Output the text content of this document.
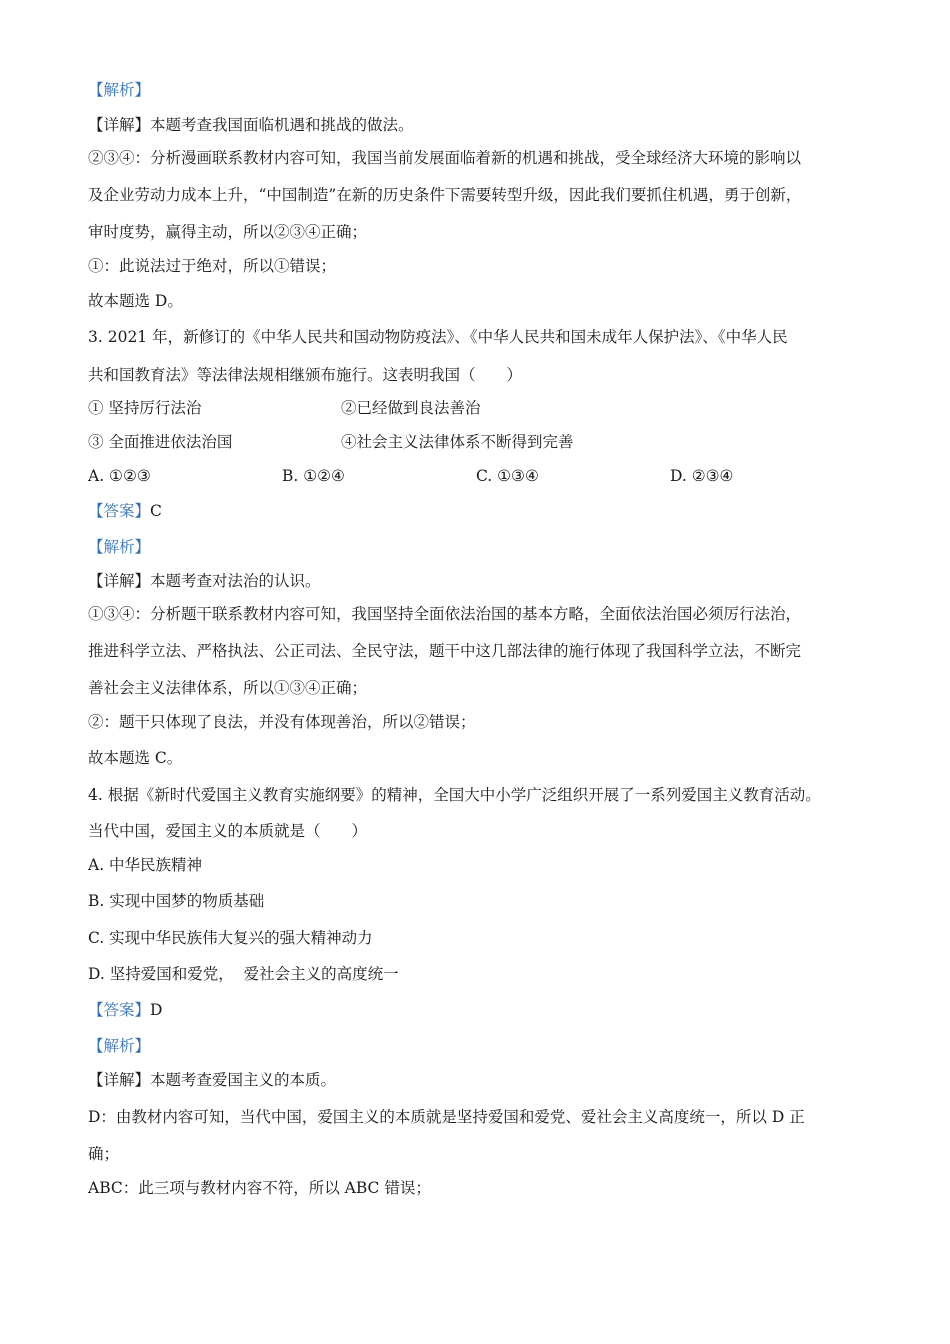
【解析】
【详解】本题考查我国面临机遇和挑战的做法。
②③④：分析漫画联系教材内容可知，我国当前发展面临着新的机遇和挑战，受全球经济大环境的影响以
及企业劳动力成本上升，“中国制造”在新的历史条件下需要转型升级，因此我们要抓住机遇，勇于创新，
审时度势，赢得主动，所以②③④正确；
①：此说法过于绝对，所以①错误；
故本题选 D。
3. 2021 年，新修订的《中华人民共和国动物防疫法》、《中华人民共和国未成年人保护法》、《中华人民
共和国教育法》等法律法规相继颁布施行。这表明我国（　　）
① 坚持厉行法治	②已经做到良法善治
③ 全面推进依法治国	④社会主义法律体系不断得到完善
A. ①②③	B. ①②④	C. ①③④	D. ②③④
【答案】C
【解析】
【详解】本题考查对法治的认识。
①③④：分析题干联系教材内容可知，我国坚持全面依法治国的基本方略，全面依法治国必须厉行法治，
推进科学立法、严格执法、公正司法、全民守法，题干中这几部法律的施行体现了我国科学立法，不断完
善社会主义法律体系，所以①③④正确；
②：题干只体现了良法，并没有体现善治，所以②错误；
故本题选 C。
4. 根据《新时代爱国主义教育实施纲要》的精神，全国大中小学广泛组织开展了一系列爱国主义教育活动。
当代中国，爱国主义的本质就是（　　）
A. 中华民族精神
B. 实现中国梦的物质基础
C. 实现中华民族伟大复兴的强大精神动力
D. 坚持爱国和爱党，  爱社会主义的高度统一
【答案】D
【解析】
【详解】本题考查爱国主义的本质。
D：由教材内容可知，当代中国，爱国主义的本质就是坚持爱国和爱党、爱社会主义高度统一，所以 D 正
确；
ABC：此三项与教材内容不符，所以 ABC 错误；
